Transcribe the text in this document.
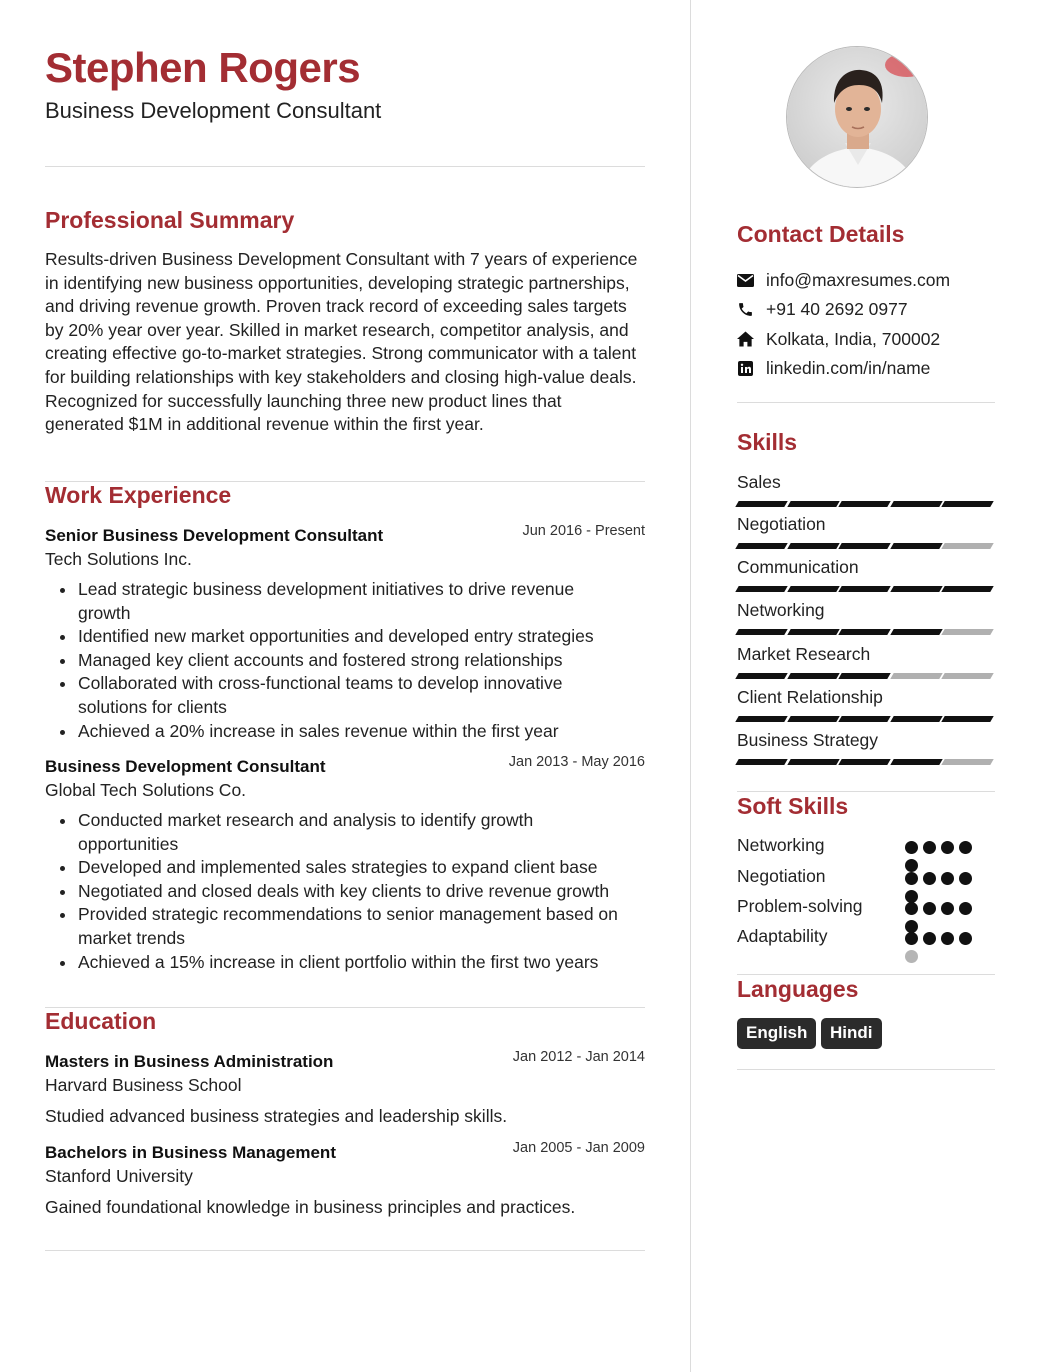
Stephen Rogers
Business Development Consultant
Professional Summary
Results-driven Business Development Consultant with 7 years of experience in identifying new business opportunities, developing strategic partnerships, and driving revenue growth. Proven track record of exceeding sales targets by 20% year over year. Skilled in market research, competitor analysis, and creating effective go-to-market strategies. Strong communicator with a talent for building relationships with key stakeholders and closing high-value deals. Recognized for successfully launching three new product lines that generated $1M in additional revenue within the first year.
Work Experience
Senior Business Development Consultant	Jun 2016 - Present
Tech Solutions Inc.
Lead strategic business development initiatives to drive revenue growth
Identified new market opportunities and developed entry strategies
Managed key client accounts and fostered strong relationships
Collaborated with cross-functional teams to develop innovative solutions for clients
Achieved a 20% increase in sales revenue within the first year
Business Development Consultant	Jan 2013 - May 2016
Global Tech Solutions Co.
Conducted market research and analysis to identify growth opportunities
Developed and implemented sales strategies to expand client base
Negotiated and closed deals with key clients to drive revenue growth
Provided strategic recommendations to senior management based on market trends
Achieved a 15% increase in client portfolio within the first two years
Education
Masters in Business Administration	Jan 2012 - Jan 2014
Harvard Business School
Studied advanced business strategies and leadership skills.
Bachelors in Business Management	Jan 2005 - Jan 2009
Stanford University
Gained foundational knowledge in business principles and practices.
Contact Details
info@maxresumes.com
+91 40 2692 0977
Kolkata, India, 700002
linkedin.com/in/name
Skills
Sales
Negotiation
Communication
Networking
Market Research
Client Relationship
Business Strategy
Soft Skills
Networking
Negotiation
Problem-solving
Adaptability
Languages
English	Hindi
